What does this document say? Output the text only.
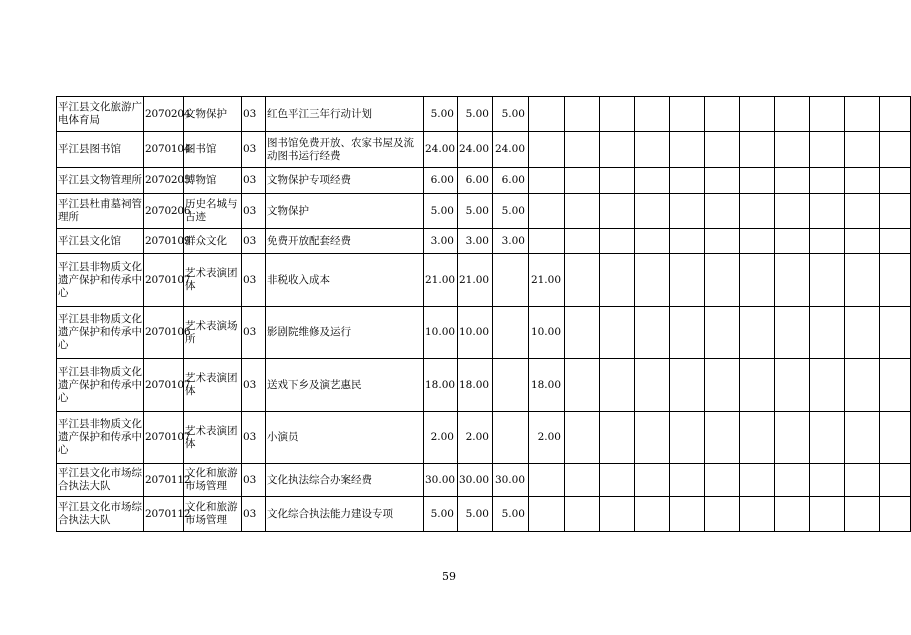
平江县文化旅游广电体育局	2070204	文物保护	03	红色平江三年行动计划	5.00	5.00	5.00											
平江县图书馆	2070104	图书馆	03	图书馆免费开放、农家书屋及流动图书运行经费	24.00	24.00	24.00											
平江县文物管理所	2070205	博物馆	03	文物保护专项经费	6.00	6.00	6.00											
平江县杜甫墓祠管理所	2070206	历史名城与古迹	03	文物保护	5.00	5.00	5.00											
平江县文化馆	2070109	群众文化	03	免费开放配套经费	3.00	3.00	3.00											
平江县非物质文化遗产保护和传承中心	2070107	艺术表演团体	03	非税收入成本	21.00	21.00		21.00										
平江县非物质文化遗产保护和传承中心	2070106	艺术表演场所	03	影剧院维修及运行	10.00	10.00		10.00										
平江县非物质文化遗产保护和传承中心	2070107	艺术表演团体	03	送戏下乡及演艺惠民	18.00	18.00		18.00										
平江县非物质文化遗产保护和传承中心	2070107	艺术表演团体	03	小演员	2.00	2.00		2.00										
平江县文化市场综合执法大队	2070112	文化和旅游市场管理	03	文化执法综合办案经费	30.00	30.00	30.00											
平江县文化市场综合执法大队	2070112	文化和旅游市场管理	03	文化综合执法能力建设专项	5.00	5.00	5.00											
59
